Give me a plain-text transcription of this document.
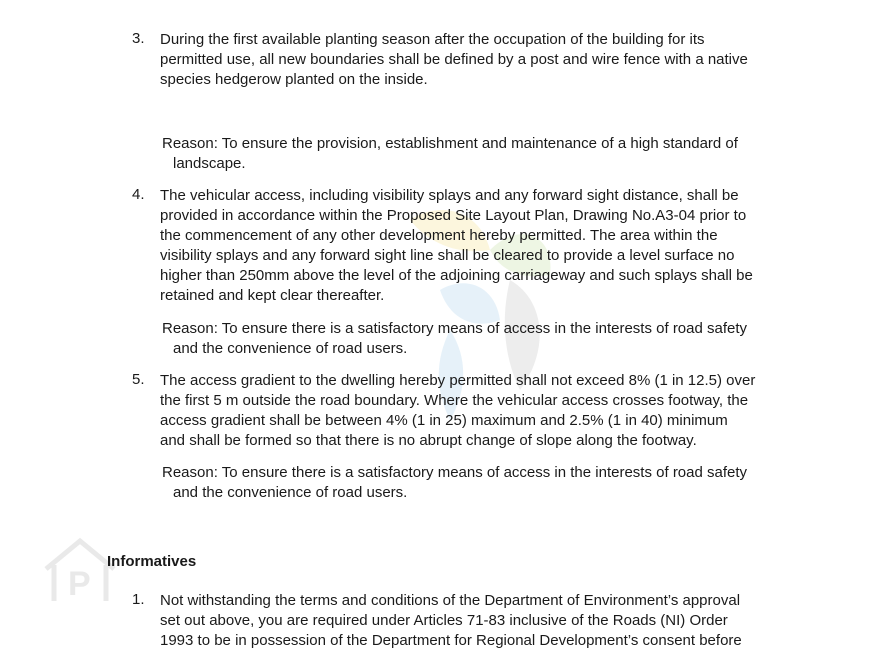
P
3.	During the first available planting season after the occupation of the building for its
permitted use, all new boundaries shall be defined by a post and wire fence with a native
species hedgerow planted on the inside.
Reason: To ensure the provision, establishment and maintenance of a high standard of
landscape.
4.	The vehicular access, including visibility splays and any forward sight distance, shall be
provided in accordance within the Proposed Site Layout Plan, Drawing No.A3-04 prior to
the commencement of any other development hereby permitted. The area within the
visibility splays and any forward sight line shall be cleared to provide a level surface no
higher than 250mm above the level of the adjoining carriageway and such splays shall be
retained and kept clear thereafter.
Reason: To ensure there is a satisfactory means of access in the interests of road safety
and the convenience of road users.
5.	The access gradient to the dwelling hereby permitted shall not exceed 8% (1 in 12.5) over
the first 5 m outside the road boundary. Where the vehicular access crosses footway, the
access gradient shall be between 4% (1 in 25) maximum and 2.5% (1 in 40) minimum
and shall be formed so that there is no abrupt change of slope along the footway.
Reason: To ensure there is a satisfactory means of access in the interests of road safety
and the convenience of road users.
Informatives
1.	Not withstanding the terms and conditions of the Department of Environment’s approval
set out above, you are required under Articles 71-83 inclusive of the Roads (NI) Order
1993 to be in possession of the Department for Regional Development’s consent before
